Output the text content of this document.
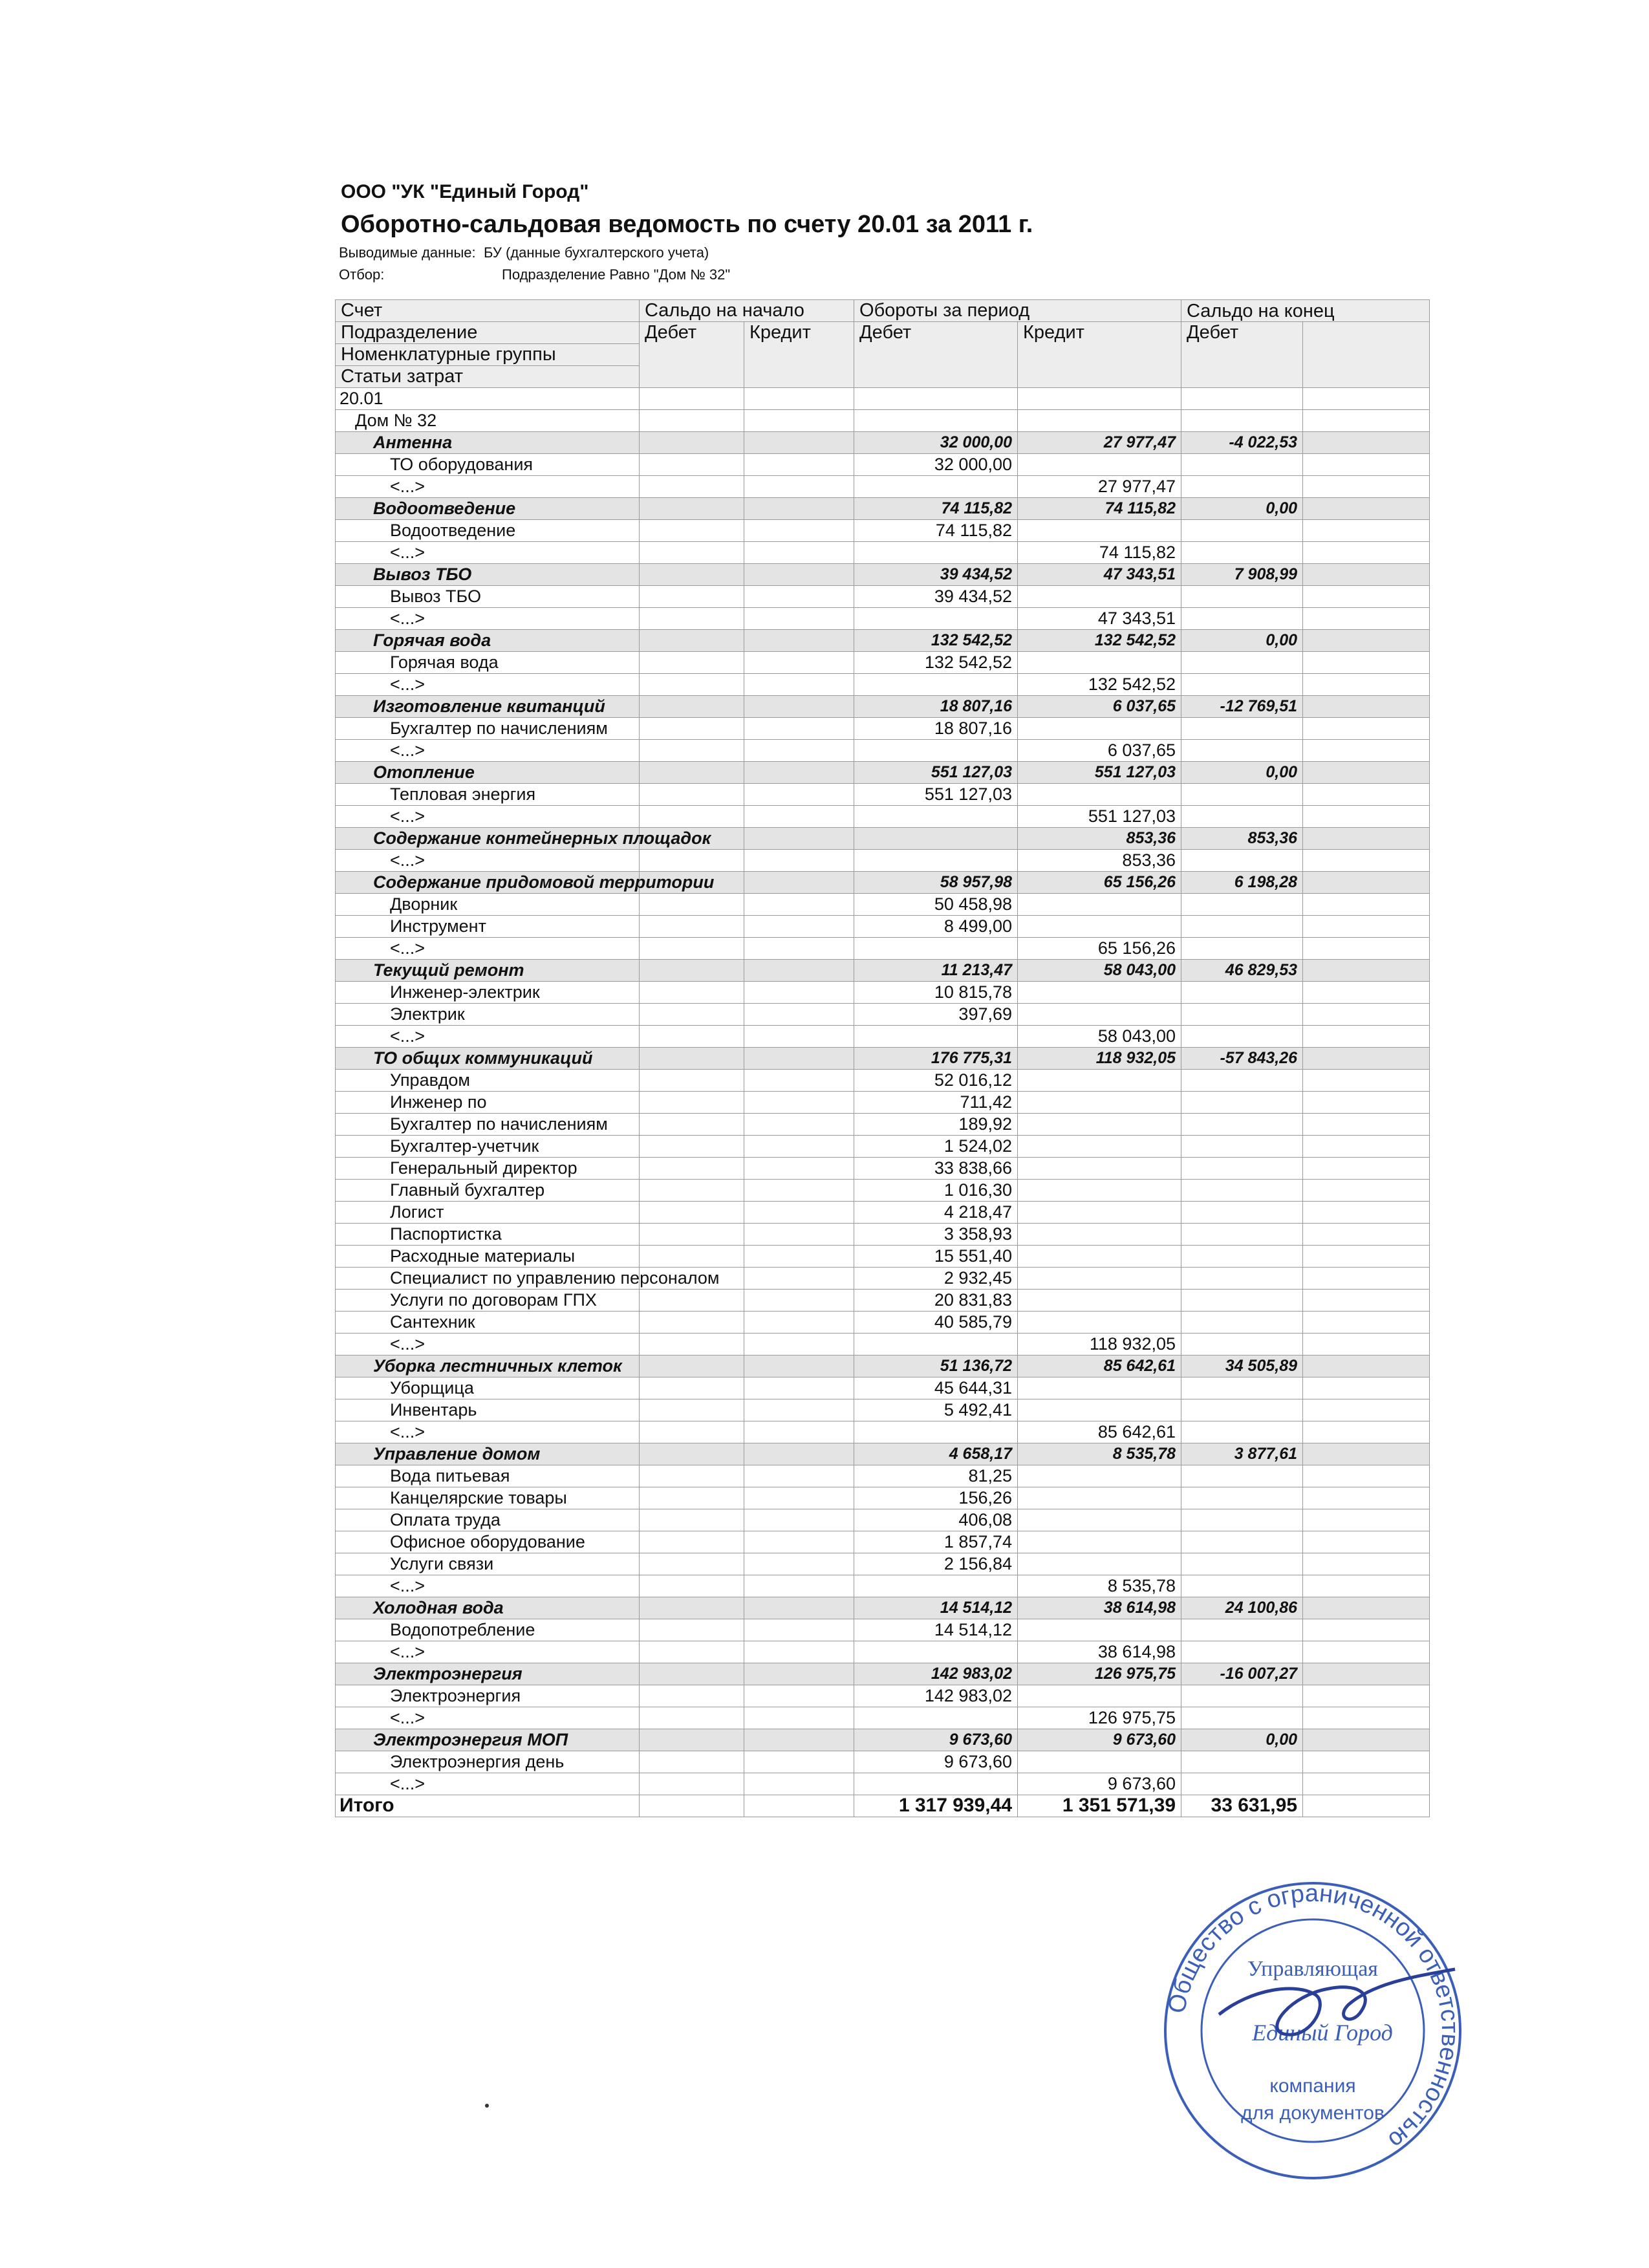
ООО "УК "Единый Город"
Оборотно-сальдовая ведомость по счету 20.01 за 2011 г.
Выводимые данные: БУ (данные бухгалтерского учета)
Отбор:	Подразделение Равно "Дом № 32"
Счет	Сальдо на начало		Обороты за период		Сальдо на конец	
Подразделение	Дебет	Кредит	Дебет	Кредит	Дебет	
Номенклатурные группы						
Статьи затрат						
20.01						
Дом № 32						
Антенна			32 000,00	27 977,47	-4 022,53	
ТО оборудования			32 000,00			
<...>				27 977,47		
Водоотведение			74 115,82	74 115,82	0,00	
Водоотведение			74 115,82			
<...>				74 115,82		
Вывоз ТБО			39 434,52	47 343,51	7 908,99	
Вывоз ТБО			39 434,52			
<...>				47 343,51		
Горячая вода			132 542,52	132 542,52	0,00	
Горячая вода			132 542,52			
<...>				132 542,52		
Изготовление квитанций			18 807,16	6 037,65	-12 769,51	
Бухгалтер по начислениям			18 807,16			
<...>				6 037,65		
Отопление			551 127,03	551 127,03	0,00	
Тепловая энергия			551 127,03			
<...>				551 127,03		
Содержание контейнерных площадок				853,36	853,36	
<...>				853,36		
Содержание придомовой территории			58 957,98	65 156,26	6 198,28	
Дворник			50 458,98			
Инструмент			8 499,00			
<...>				65 156,26		
Текущий ремонт			11 213,47	58 043,00	46 829,53	
Инженер-электрик			10 815,78			
Электрик			397,69			
<...>				58 043,00		
ТО общих коммуникаций			176 775,31	118 932,05	-57 843,26	
Управдом			52 016,12			
Инженер по			711,42			
Бухгалтер по начислениям			189,92			
Бухгалтер-учетчик			1 524,02			
Генеральный директор			33 838,66			
Главный бухгалтер			1 016,30			
Логист			4 218,47			
Паспортистка			3 358,93			
Расходные материалы			15 551,40			
Специалист по управлению персоналом			2 932,45			
Услуги по договорам ГПХ			20 831,83			
Сантехник			40 585,79			
<...>				118 932,05		
Уборка лестничных клеток			51 136,72	85 642,61	34 505,89	
Уборщица			45 644,31			
Инвентарь			5 492,41			
<...>				85 642,61		
Управление домом			4 658,17	8 535,78	3 877,61	
Вода питьевая			81,25			
Канцелярские товары			156,26			
Оплата труда			406,08			
Офисное оборудование			1 857,74			
Услуги связи			2 156,84			
<...>				8 535,78		
Холодная вода			14 514,12	38 614,98	24 100,86	
Водопотребление			14 514,12			
<...>				38 614,98		
Электроэнергия			142 983,02	126 975,75	-16 007,27	
Электроэнергия			142 983,02			
<...>				126 975,75		
Электроэнергия МОП			9 673,60	9 673,60	0,00	
Электроэнергия день			9 673,60			
<...>				9 673,60		
Итого			1 317 939,44	1 351 571,39	33 631,95	
Общество с ограниченной ответственностью
Управляющая
Единый Город
компания
для документов
